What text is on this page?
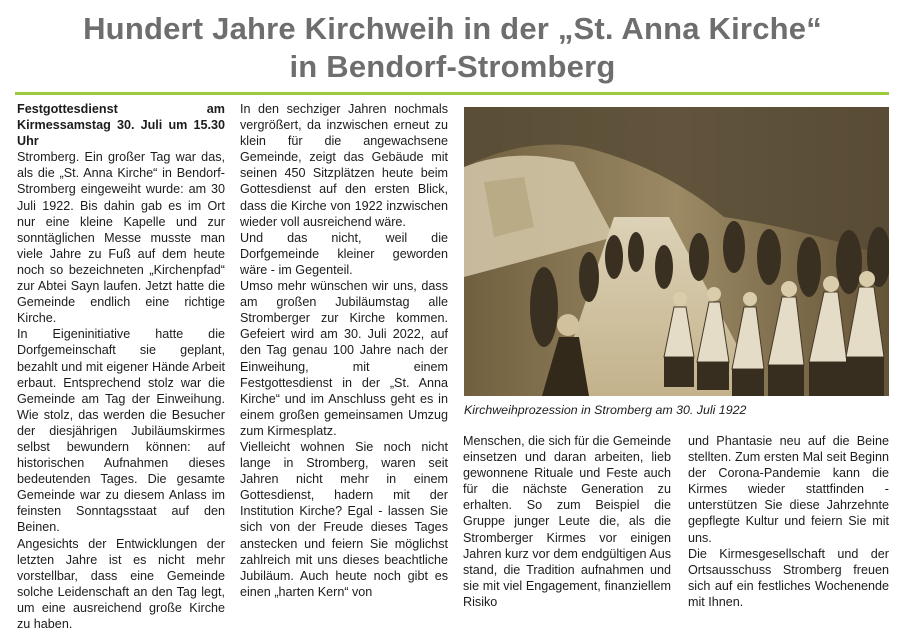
Hundert Jahre Kirchweih in der „St. Anna Kirche“
in Bendorf-Stromberg

Festgottesdienst am Kirmessamstag 30. Juli um 15.30 Uhr

Stromberg. Ein großer Tag war das, als die „St. Anna Kirche“ in Bendorf-Stromberg eingeweiht wurde: am 30 Juli 1922. Bis dahin gab es im Ort nur eine kleine Kapelle und zur sonntäglichen Messe musste man viele Jahre zu Fuß auf dem heute noch so bezeichneten „Kirchenpfad“ zur Abtei Sayn laufen. Jetzt hatte die Gemeinde endlich eine richtige Kirche.

In Eigeninitiative hatte die Dorfgemeinschaft sie geplant, bezahlt und mit eigener Hände Arbeit erbaut. Entsprechend stolz war die Gemeinde am Tag der Einweihung. Wie stolz, das werden die Besucher der diesjährigen Jubiläumskirmes selbst bewundern können: auf historischen Aufnahmen dieses bedeutenden Tages. Die gesamte Gemeinde war zu diesem Anlass im feinsten Sonntagsstaat auf den Beinen.

Angesichts der Entwicklungen der letzten Jahre ist es nicht mehr vorstellbar, dass eine Gemeinde solche Leidenschaft an den Tag legt, um eine ausreichend große Kirche zu haben.

In den sechziger Jahren nochmals vergrößert, da inzwischen erneut zu klein für die angewachsene Gemeinde, zeigt das Gebäude mit seinen 450 Sitzplätzen heute beim Gottesdienst auf den ersten Blick, dass die Kirche von 1922 inzwischen wieder voll ausreichend wäre.

Und das nicht, weil die Dorfgemeinde kleiner geworden wäre - im Gegenteil.

Umso mehr wünschen wir uns, dass am großen Jubiläumstag alle Stromberger zur Kirche kommen. Gefeiert wird am 30. Juli 2022, auf den Tag genau 100 Jahre nach der Einweihung, mit einem Festgottesdienst in der „St. Anna Kirche“ und im Anschluss geht es in einem großen gemeinsamen Umzug zum Kirmesplatz.

Vielleicht wohnen Sie noch nicht lange in Stromberg, waren seit Jahren nicht mehr in einem Gottesdienst, hadern mit der Institution Kirche? Egal - lassen Sie sich von der Freude dieses Tages anstecken und feiern Sie möglichst zahlreich mit uns dieses beachtliche Jubiläum. Auch heute noch gibt es einen „harten Kern“ von

Kirchweihprozession in Stromberg am 30. Juli 1922

Menschen, die sich für die Gemeinde einsetzen und daran arbeiten, lieb gewonnene Rituale und Feste auch für die nächste Generation zu erhalten. So zum Beispiel die Gruppe junger Leute die, als die Stromberger Kirmes vor einigen Jahren kurz vor dem endgültigen Aus stand, die Tradition aufnahmen und sie mit viel Engagement, finanziellem Risiko

und Phantasie neu auf die Beine stellten. Zum ersten Mal seit Beginn der Corona-Pandemie kann die Kirmes wieder stattfinden - unterstützen Sie diese Jahrzehnte gepflegte Kultur und feiern Sie mit uns.

Die Kirmesgesellschaft und der Ortsausschuss Stromberg freuen sich auf ein festliches Wochenende mit Ihnen.
